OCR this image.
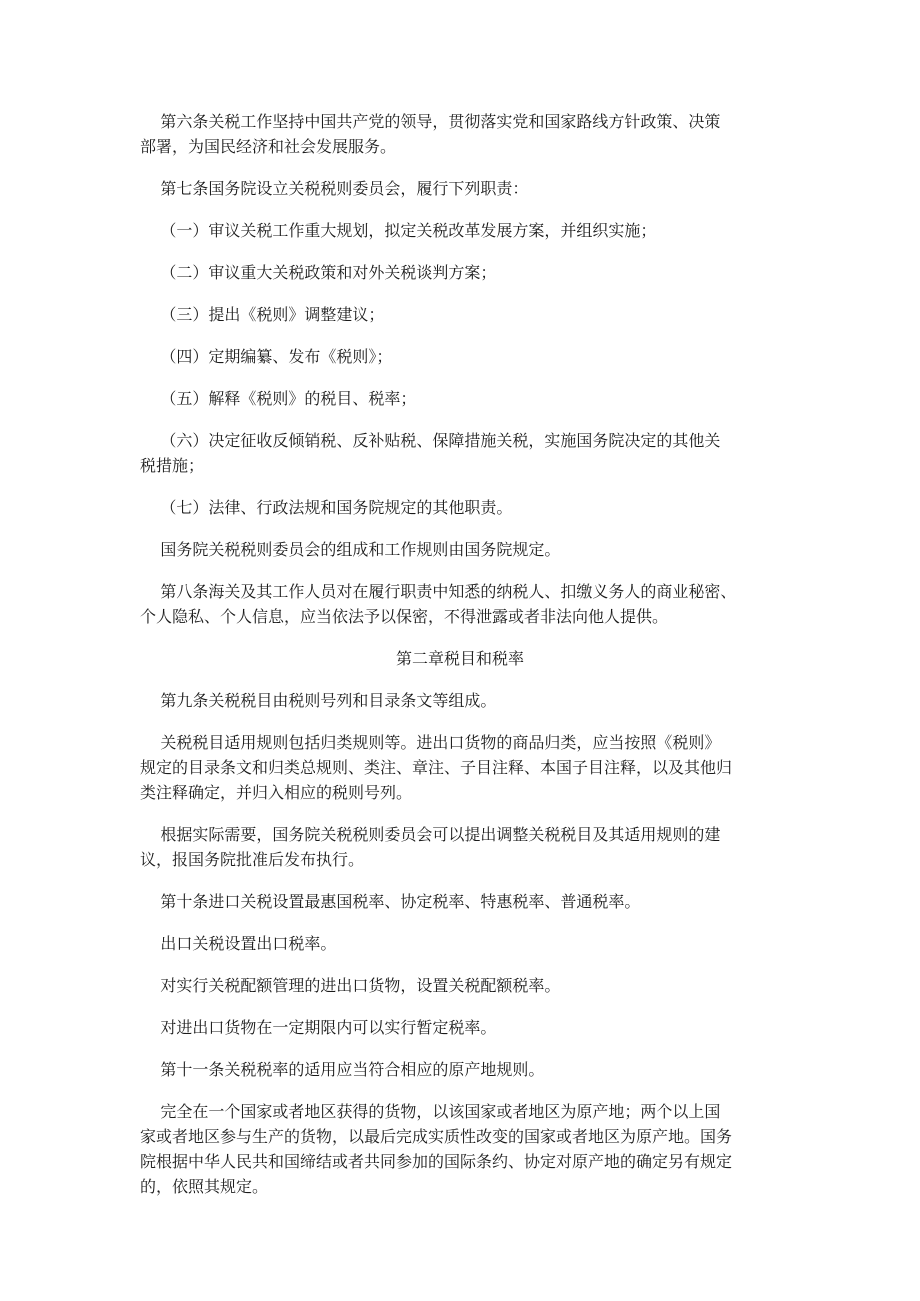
第六条关税工作坚持中国共产党的领导，贯彻落实党和国家路线方针政策、决策
部署，为国民经济和社会发展服务。

第七条国务院设立关税税则委员会，履行下列职责：

（一）审议关税工作重大规划，拟定关税改革发展方案，并组织实施；

（二）审议重大关税政策和对外关税谈判方案；

（三）提出《税则》调整建议；

（四）定期编纂、发布《税则》；

（五）解释《税则》的税目、税率；

（六）决定征收反倾销税、反补贴税、保障措施关税，实施国务院决定的其他关
税措施；

（七）法律、行政法规和国务院规定的其他职责。

国务院关税税则委员会的组成和工作规则由国务院规定。

第八条海关及其工作人员对在履行职责中知悉的纳税人、扣缴义务人的商业秘密、
个人隐私、个人信息，应当依法予以保密，不得泄露或者非法向他人提供。

第二章税目和税率

第九条关税税目由税则号列和目录条文等组成。

关税税目适用规则包括归类规则等。进出口货物的商品归类，应当按照《税则》
规定的目录条文和归类总规则、类注、章注、子目注释、本国子目注释，以及其他归
类注释确定，并归入相应的税则号列。

根据实际需要，国务院关税税则委员会可以提出调整关税税目及其适用规则的建
议，报国务院批准后发布执行。

第十条进口关税设置最惠国税率、协定税率、特惠税率、普通税率。

出口关税设置出口税率。

对实行关税配额管理的进出口货物，设置关税配额税率。

对进出口货物在一定期限内可以实行暂定税率。

第十一条关税税率的适用应当符合相应的原产地规则。

完全在一个国家或者地区获得的货物，以该国家或者地区为原产地；两个以上国
家或者地区参与生产的货物，以最后完成实质性改变的国家或者地区为原产地。国务
院根据中华人民共和国缔结或者共同参加的国际条约、协定对原产地的确定另有规定
的，依照其规定。
